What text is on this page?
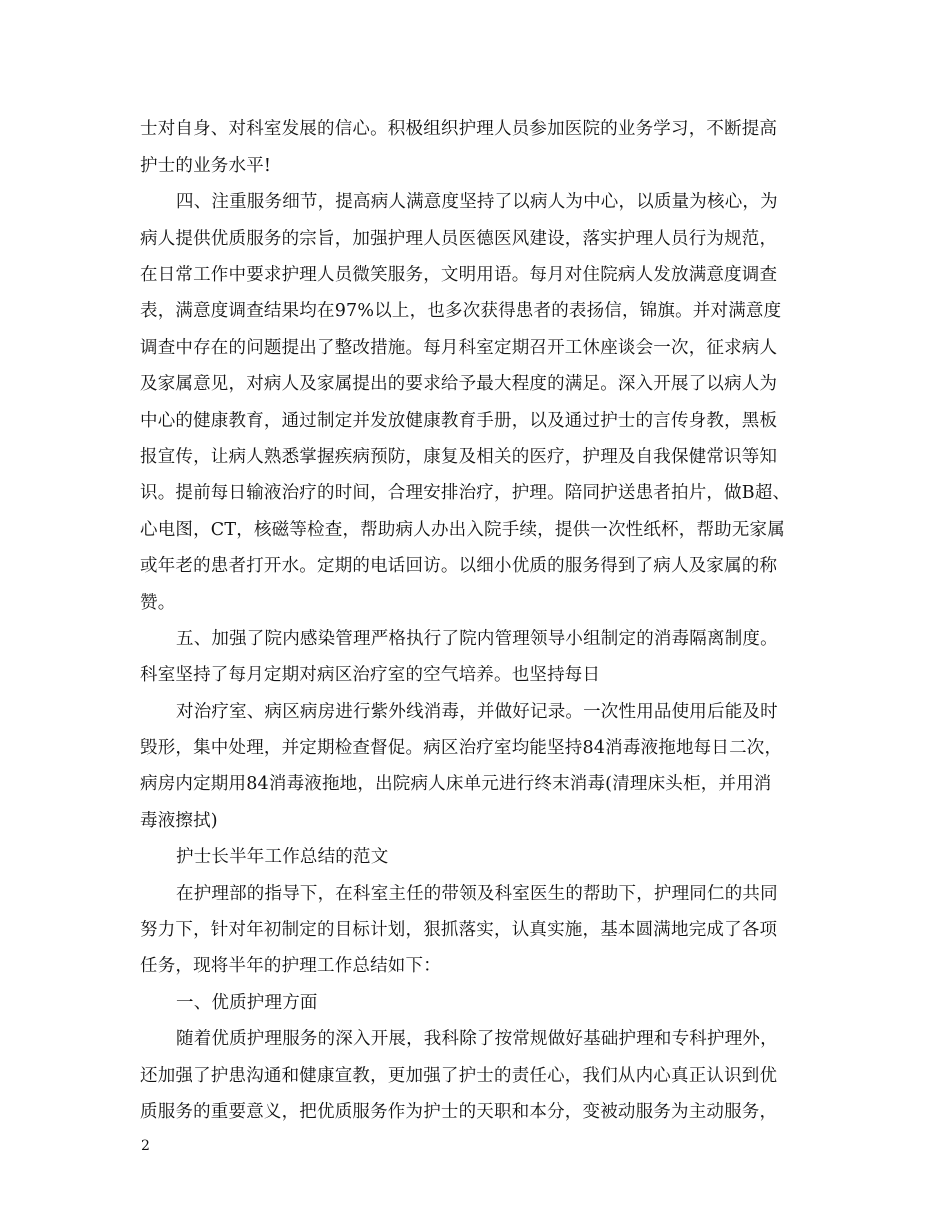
士对自身、对科室发展的信心。积极组织护理人员参加医院的业务学习，不断提高
护士的业务水平!
四、注重服务细节，提高病人满意度坚持了以病人为中心，以质量为核心，为
病人提供优质服务的宗旨，加强护理人员医德医风建设，落实护理人员行为规范，
在日常工作中要求护理人员微笑服务，文明用语。每月对住院病人发放满意度调查
表，满意度调查结果均在97%以上，也多次获得患者的表扬信，锦旗。并对满意度
调查中存在的问题提出了整改措施。每月科室定期召开工休座谈会一次，征求病人
及家属意见，对病人及家属提出的要求给予最大程度的满足。深入开展了以病人为
中心的健康教育，通过制定并发放健康教育手册，以及通过护士的言传身教，黑板
报宣传，让病人熟悉掌握疾病预防，康复及相关的医疗，护理及自我保健常识等知
识。提前每日输液治疗的时间，合理安排治疗，护理。陪同护送患者拍片，做B超、
心电图，CT，核磁等检查，帮助病人办出入院手续，提供一次性纸杯，帮助无家属
或年老的患者打开水。定期的电话回访。以细小优质的服务得到了病人及家属的称
赞。
五、加强了院内感染管理严格执行了院内管理领导小组制定的消毒隔离制度。
科室坚持了每月定期对病区治疗室的空气培养。也坚持每日
对治疗室、病区病房进行紫外线消毒，并做好记录。一次性用品使用后能及时
毁形，集中处理，并定期检查督促。病区治疗室均能坚持84消毒液拖地每日二次，
病房内定期用84消毒液拖地，出院病人床单元进行终末消毒(清理床头柜，并用消
毒液擦拭)
护士长半年工作总结的范文
在护理部的指导下，在科室主任的带领及科室医生的帮助下，护理同仁的共同
努力下，针对年初制定的目标计划，狠抓落实，认真实施，基本圆满地完成了各项
任务，现将半年的护理工作总结如下：
一、优质护理方面
随着优质护理服务的深入开展，我科除了按常规做好基础护理和专科护理外，
还加强了护患沟通和健康宣教，更加强了护士的责任心，我们从内心真正认识到优
质服务的重要意义，把优质服务作为护士的天职和本分，变被动服务为主动服务，
2
